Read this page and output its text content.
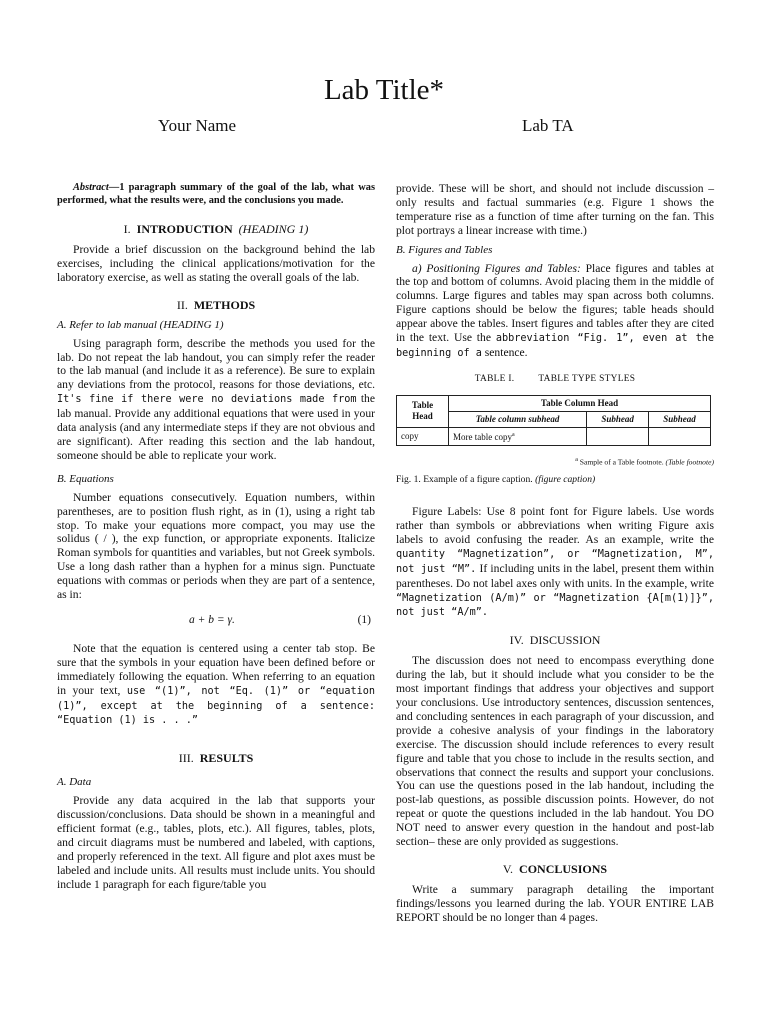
Lab Title*
Your Name	Lab TA

Abstract—1 paragraph summary of the goal of the lab, what was performed, what the results were, and the conclusions you made.

I. INTRODUCTION (HEADING 1)

Provide a brief discussion on the background behind the lab exercises, including the clinical applications/motivation for the laboratory exercise, as well as stating the overall goals of the lab.

II. METHODS
A. Refer to lab manual (HEADING 1)

Using paragraph form, describe the methods you used for the lab. Do not repeat the lab handout, you can simply refer the reader to the lab manual (and include it as a reference). Be sure to explain any deviations from the protocol, reasons for those deviations, etc. It's fine if there were no deviations made from the lab manual. Provide any additional equations that were used in your data analysis (and any intermediate steps if they are not obvious and are significant). After reading this section and the lab handout, someone should be able to replicate your work.

B. Equations

Number equations consecutively. Equation numbers, within parentheses, are to position flush right, as in (1), using a right tab stop. To make your equations more compact, you may use the solidus ( / ), the exp function, or appropriate exponents. Italicize Roman symbols for quantities and variables, but not Greek symbols. Use a long dash rather than a hyphen for a minus sign. Punctuate equations with commas or periods when they are part of a sentence, as in:

a + b = γ.	(1)

Note that the equation is centered using a center tab stop. Be sure that the symbols in your equation have been defined before or immediately following the equation. When referring to an equation in your text, use “(1)”, not “Eq. (1)” or “equation (1)”, except at the beginning of a sentence: “Equation (1) is . . .”

III. RESULTS
A. Data

Provide any data acquired in the lab that supports your discussion/conclusions. Data should be shown in a meaningful and efficient format (e.g., tables, plots, etc.). All figures, tables, plots, and circuit diagrams must be numbered and labeled, with captions, and properly referenced in the text. All figure and plot axes must be labeled and include units. All results must include units. You should include 1 paragraph for each figure/table you

provide. These will be short, and should not include discussion – only results and factual summaries (e.g. Figure 1 shows the temperature rise as a function of time after turning on the fan. This plot portrays a linear increase with time.)

B. Figures and Tables

a) Positioning Figures and Tables: Place figures and tables at the top and bottom of columns. Avoid placing them in the middle of columns. Large figures and tables may span across both columns. Figure captions should be below the figures; table heads should appear above the tables. Insert figures and tables after they are cited in the text. Use the abbreviation “Fig. 1”, even at the beginning of a sentence.

TABLE I.	TABLE TYPE STYLES
Table Head	Table Column Head		
	Table column subhead	Subhead	Subhead
copy	More table copy$^a$		
$^a$ Sample of a Table footnote. (Table footnote)
Fig. 1. Example of a figure caption. (figure caption)

Figure Labels: Use 8 point font for Figure labels. Use words rather than symbols or abbreviations when writing Figure axis labels to avoid confusing the reader. As an example, write the quantity “Magnetization”, or “Magnetization, M”, not just “M”. If including units in the label, present them within parentheses. Do not label axes only with units. In the example, write “Magnetization (A/m)” or “Magnetization {A[m(1)]}”, not just “A/m”.

IV. DISCUSSION

The discussion does not need to encompass everything done during the lab, but it should include what you consider to be the most important findings that address your objectives and support your conclusions. Use introductory sentences, discussion sentences, and concluding sentences in each paragraph of your discussion, and provide a cohesive analysis of your findings in the laboratory exercise. The discussion should include references to every result figure and table that you chose to include in the results section, and observations that connect the results and support your conclusions. You can use the questions posed in the lab handout, including the post-lab questions, as possible discussion points. However, do not repeat or quote the questions included in the lab handout. You DO NOT need to answer every question in the handout and post-lab section– these are only provided as suggestions.

V. CONCLUSIONS

Write a summary paragraph detailing the important findings/lessons you learned during the lab. YOUR ENTIRE LAB REPORT should be no longer than 4 pages.
